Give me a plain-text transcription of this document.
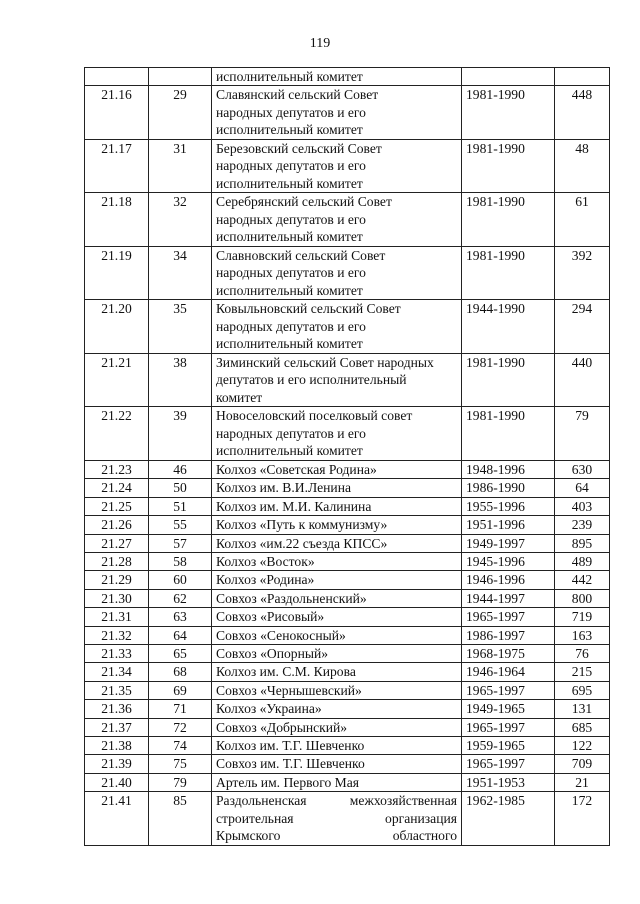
119
		исполнительный комитет		
21.16	29	Славянский сельский Совет
народных депутатов и его
исполнительный комитет	1981-1990	448
21.17	31	Березовский сельский Совет
народных депутатов и его
исполнительный комитет	1981-1990	48
21.18	32	Серебрянский сельский Совет
народных депутатов и его
исполнительный комитет	1981-1990	61
21.19	34	Славновский сельский Совет
народных депутатов и его
исполнительный комитет	1981-1990	392
21.20	35	Ковыльновский сельский Совет
народных депутатов и его
исполнительный комитет	1944-1990	294
21.21	38	Зиминский сельский Совет народных
депутатов и его исполнительный
комитет	1981-1990	440
21.22	39	Новоселовский поселковый совет
народных депутатов и его
исполнительный комитет	1981-1990	79
21.23	46	Колхоз «Советская Родина»	1948-1996	630
21.24	50	Колхоз им. В.И.Ленина	1986-1990	64
21.25	51	Колхоз им. М.И. Калинина	1955-1996	403
21.26	55	Колхоз «Путь к коммунизму»	1951-1996	239
21.27	57	Колхоз «им.22 съезда КПСС»	1949-1997	895
21.28	58	Колхоз «Восток»	1945-1996	489
21.29	60	Колхоз «Родина»	1946-1996	442
21.30	62	Совхоз «Раздольненский»	1944-1997	800
21.31	63	Совхоз «Рисовый»	1965-1997	719
21.32	64	Совхоз «Сенокосный»	1986-1997	163
21.33	65	Совхоз «Опорный»	1968-1975	76
21.34	68	Колхоз им. С.М. Кирова	1946-1964	215
21.35	69	Совхоз «Чернышевский»	1965-1997	695
21.36	71	Колхоз «Украина»	1949-1965	131
21.37	72	Совхоз «Добрынский»	1965-1997	685
21.38	74	Колхоз им. Т.Г. Шевченко	1959-1965	122
21.39	75	Совхоз им. Т.Г. Шевченко	1965-1997	709
21.40	79	Артель им. Первого Мая	1951-1953	21
21.41	85	Раздольненская межхозяйственная
строительная организация
Крымского областного	1962-1985	172
